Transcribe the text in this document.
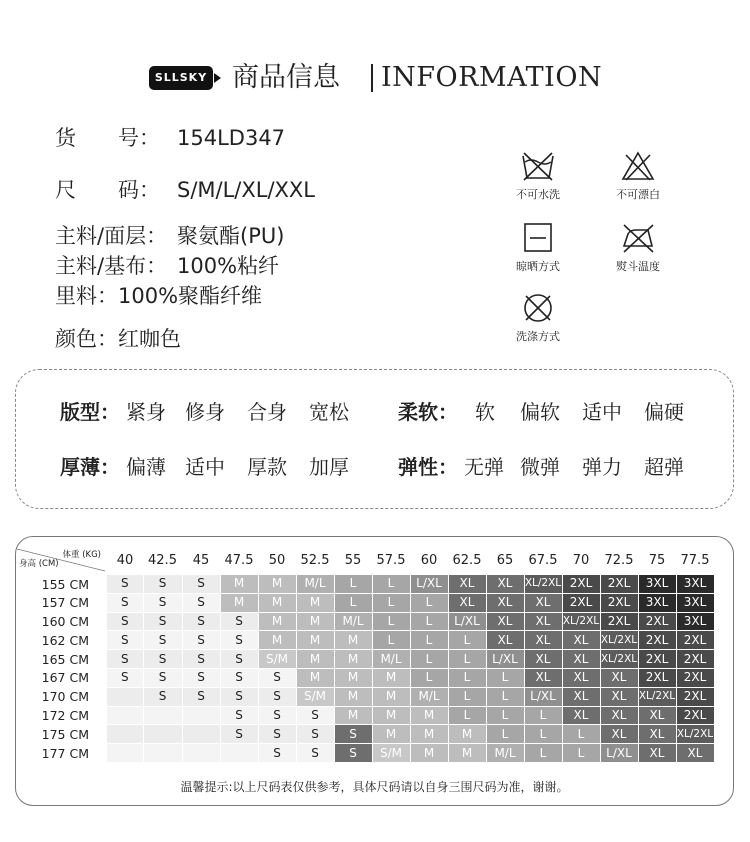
SLLSKY 商品信息 INFORMATION
货　　号： 154LD347
尺　　码： S/M/L/XL/XXL
主料/面层： 聚氨酯(PU)
主料/基布： 100%粘纤
里料：100%聚酯纤维
颜色：红咖色
不可水洗	不可漂白
晾晒方式	熨斗温度
洗涤方式
版型： 紧身 修身 合身 宽松 柔软： 软 偏软 适中 偏硬
厚薄： 偏薄 适中 厚款 加厚 弹性： 无弹 微弹 弹力 超弹
体重 (KG)
身高 (CM)	40	42.5	45	47.5	50	52.5	55	57.5	60	62.5	65	67.5	70	72.5	75	77.5
155 CM	S	S	S	M	M	M/L	L	L	L/XL	XL	XL	XL/2XL	2XL	2XL	3XL	3XL
157 CM	S	S	S	M	M	M	L	L	L	XL	XL	XL	2XL	2XL	3XL	3XL
160 CM	S	S	S	S	M	M	M/L	L	L	L/XL	XL	XL	XL/2XL	2XL	2XL	3XL
162 CM	S	S	S	S	M	M	M	L	L	L	XL	XL	XL	XL/2XL	2XL	2XL
165 CM	S	S	S	S	S/M	M	M	M/L	L	L	L/XL	XL	XL	XL/2XL	2XL	2XL
167 CM	S	S	S	S	S	M	M	M	L	L	L	XL	XL	XL	2XL	2XL
170 CM		S	S	S	S	S/M	M	M	M/L	L	L	L/XL	XL	XL	XL/2XL	2XL
172 CM				S	S	S	M	M	M	L	L	L	XL	XL	XL	2XL
175 CM				S	S	S	S	M	M	M	L	L	L	XL	XL	XL/2XL
177 CM					S	S	S	S/M	M	M	M/L	L	L	L/XL	XL	XL
温馨提示:以上尺码表仅供参考，具体尺码请以自身三围尺码为准，谢谢。
